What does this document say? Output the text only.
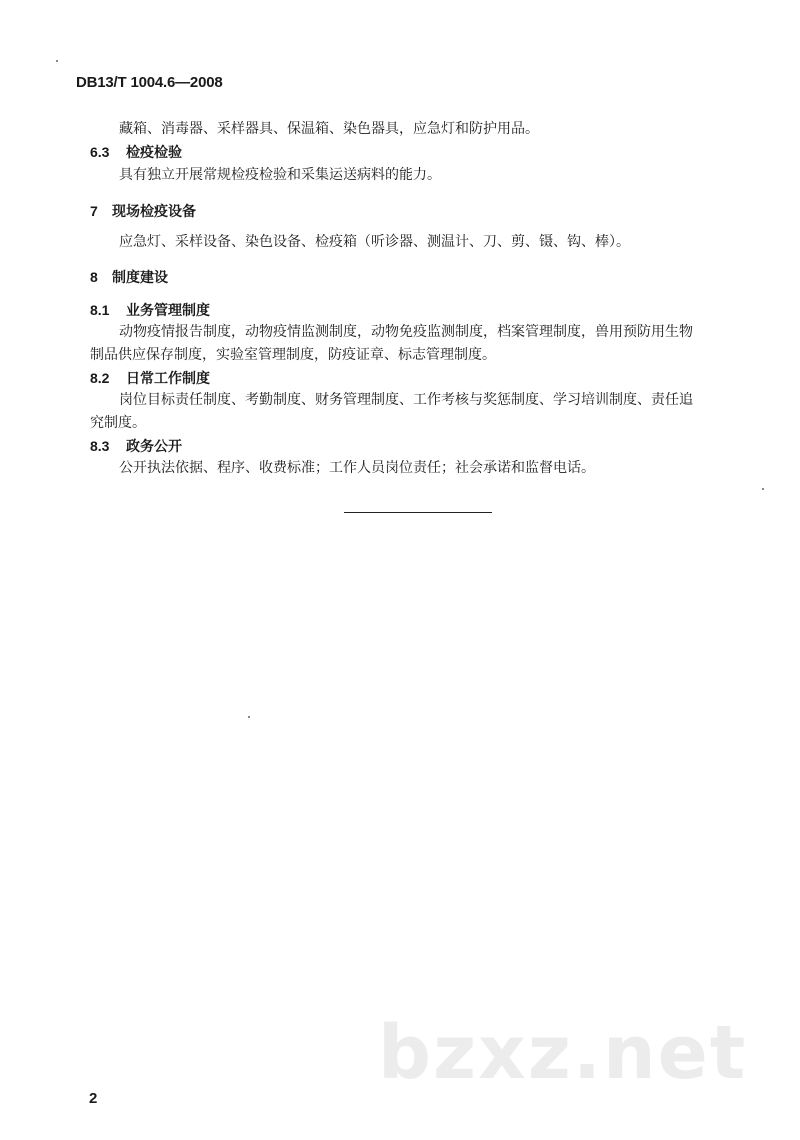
DB13/T 1004.6—2008
藏箱、消毒器、采样器具、保温箱、染色器具，应急灯和防护用品。
6.3 检疫检验
具有独立开展常规检疫检验和采集运送病料的能力。
7 现场检疫设备
应急灯、采样设备、染色设备、检疫箱（听诊器、测温计、刀、剪、镊、钩、棒）。
8 制度建设
8.1 业务管理制度
动物疫情报告制度，动物疫情监测制度，动物免疫监测制度，档案管理制度，兽用预防用生物
制品供应保存制度，实验室管理制度，防疫证章、标志管理制度。
8.2 日常工作制度
岗位目标责任制度、考勤制度、财务管理制度、工作考核与奖惩制度、学习培训制度、责任追
究制度。
8.3 政务公开
公开执法依据、程序、收费标准；工作人员岗位责任；社会承诺和监督电话。
bzxz.net
2
